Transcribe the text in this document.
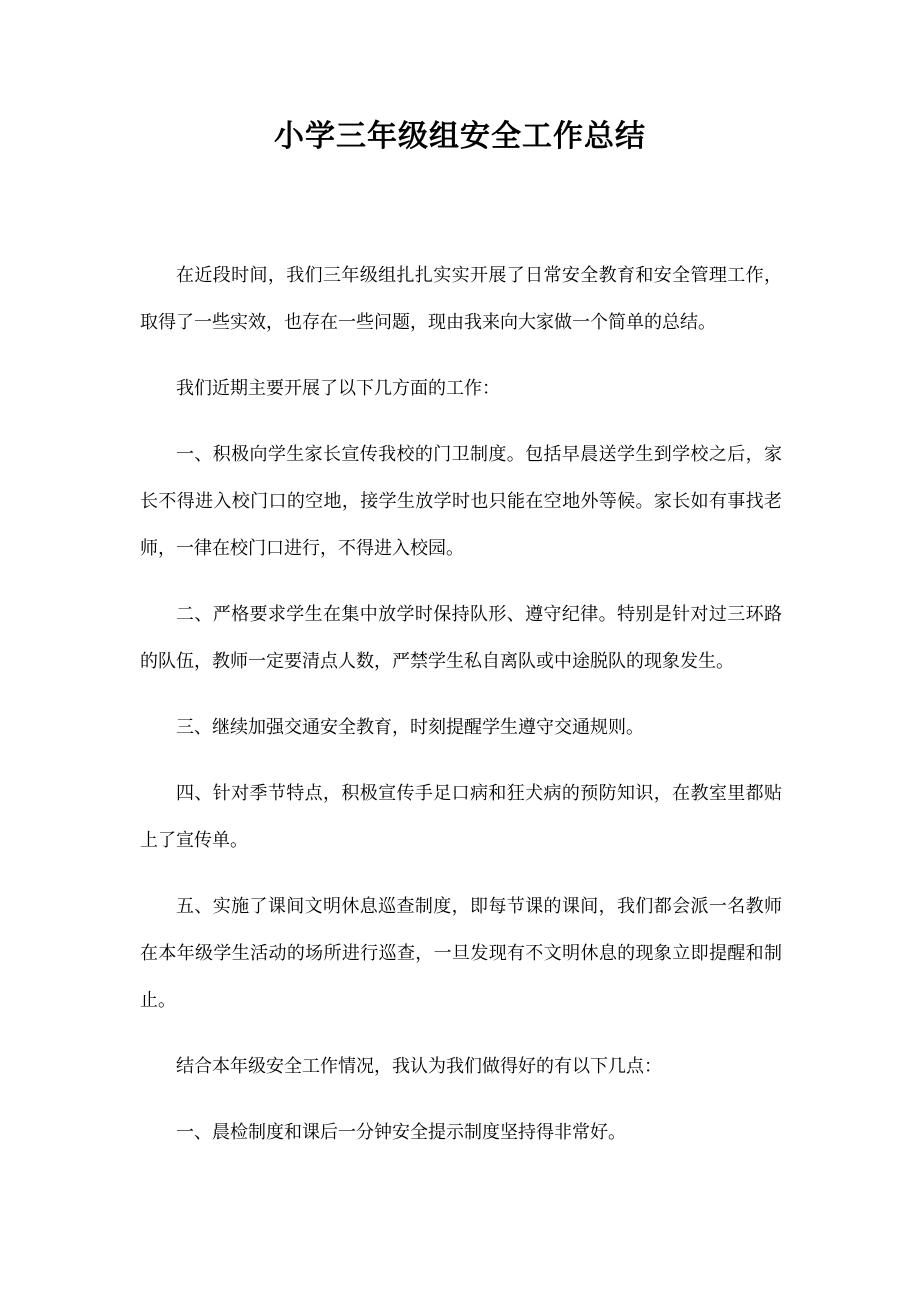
小学三年级组安全工作总结

在近段时间，我们三年级组扎扎实实开展了日常安全教育和安全管理工作，取得了一些实效，也存在一些问题，现由我来向大家做一个简单的总结。

我们近期主要开展了以下几方面的工作：

一、积极向学生家长宣传我校的门卫制度。包括早晨送学生到学校之后，家长不得进入校门口的空地，接学生放学时也只能在空地外等候。家长如有事找老师，一律在校门口进行，不得进入校园。

二、严格要求学生在集中放学时保持队形、遵守纪律。特别是针对过三环路的队伍，教师一定要清点人数，严禁学生私自离队或中途脱队的现象发生。

三、继续加强交通安全教育，时刻提醒学生遵守交通规则。

四、针对季节特点，积极宣传手足口病和狂犬病的预防知识，在教室里都贴上了宣传单。

五、实施了课间文明休息巡查制度，即每节课的课间，我们都会派一名教师在本年级学生活动的场所进行巡查，一旦发现有不文明休息的现象立即提醒和制止。

结合本年级安全工作情况，我认为我们做得好的有以下几点：

一、晨检制度和课后一分钟安全提示制度坚持得非常好。
